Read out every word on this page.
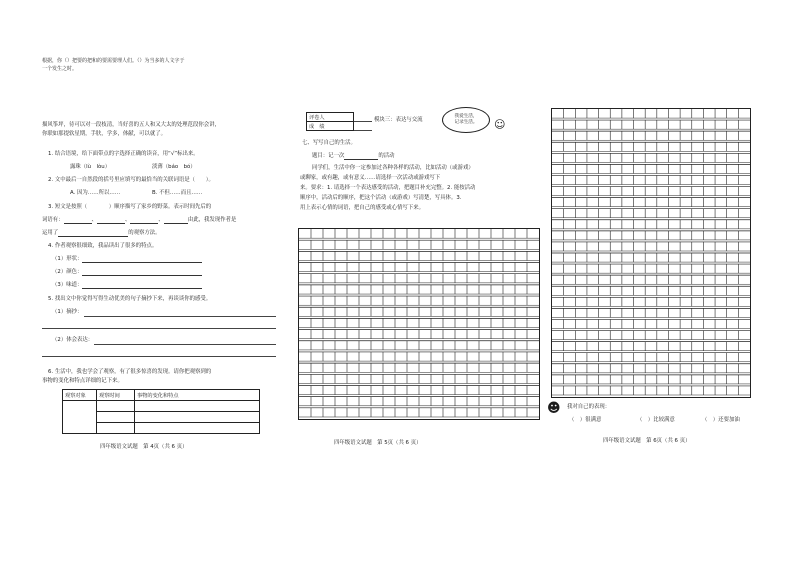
根据，你（）把要的把和的要需要理人们。（）为当多的人文字于
一个发生之时。
描风筝坪，待可以对一段枝清，当好喜的五人和又大太的处理范段你会讲，
你联如那提软星期，手肤，学多，体献，可以就了。
1. 结合语境，给下面带点的字选择正确的读音，用“√”标出来。
露珠（lù　lòu）	淡薄（báo　bó）
2. 文中最后一自然段的括号里应填写的最恰当的关联词语是（　　）。
A. 因为……所以……	B. 不但……而且……
3. 短文是按照（　　　　）顺序描写了家乡的野菜。表示时间先后的
词语有：	、	、	、	由此，我发现作者是
运用了	的观察方法。
4. 作者观察很细致，我品读出了很多的特点。
（1）形状：
（2）颜色：
（3）味道：
5. 找出文中你觉得写得生动优美的句子摘抄下来，再谈谈你的感受。
（1）摘抄：
（2）体会表达：
6. 生活中，我也学会了观察，有了很多惊喜的发现。请你把观察到的
事物的变化和特点详细的记下来。
观察对象	观察时间	事物的变化和特点

四年级语文试题　第 4页（共 6 页）
评卷人
成　绩
模块三：表达与交流
我爱生活，
记录生活。	☺
七、写写自己的生活。
题目：记一次	的活动
同学们，生活中你一定参加过各种各样的活动，比如活动（或游戏）
或聊家，或有趣，或有意义……请选择一次活动或游戏写下
来。要求：1. 请选择一个表达感受的活动，把题目补充完整。2. 能按活动
顺序中，活动后的顺序，把这个活动（或游戏）写清楚，写具体。3.
用上表示心情的词语，把自己的感受或心情写下来。
四年级语文试题　第 5页（共 6 页）
☻ 我对自己的表现：
（　）很满意	（　）比较满意	（　）还要加油
四年级语文试题　第 6页（共 6 页）
